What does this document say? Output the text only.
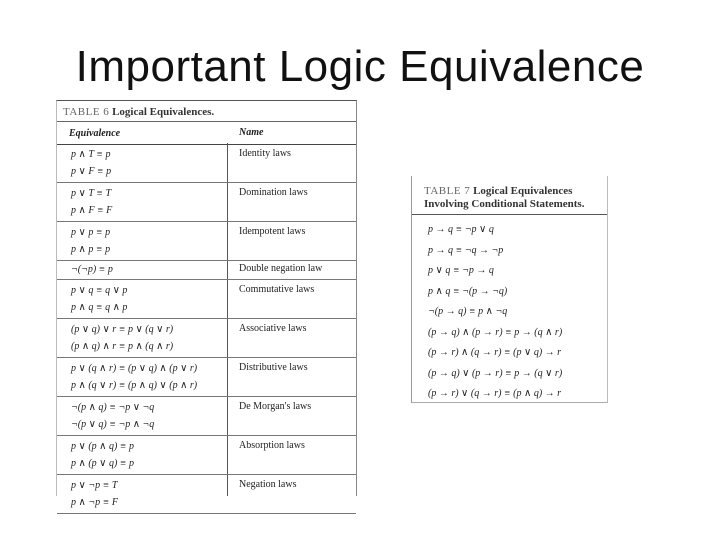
Important Logic Equivalence
TABLE 6 Logical Equivalences.
Equivalence	Name
p ∧ T ≡ p
p ∨ F ≡ p
Identity laws
p ∨ T ≡ T
p ∧ F ≡ F
Domination laws
p ∨ p ≡ p
p ∧ p ≡ p
Idempotent laws
¬(¬p) ≡ p	Double negation law
p ∨ q ≡ q ∨ p
p ∧ q ≡ q ∧ p
Commutative laws
(p ∨ q) ∨ r ≡ p ∨ (q ∨ r)
(p ∧ q) ∧ r ≡ p ∧ (q ∧ r)
Associative laws
p ∨ (q ∧ r) ≡ (p ∨ q) ∧ (p ∨ r)
p ∧ (q ∨ r) ≡ (p ∧ q) ∨ (p ∧ r)
Distributive laws
¬(p ∧ q) ≡ ¬p ∨ ¬q
¬(p ∨ q) ≡ ¬p ∧ ¬q
De Morgan's laws
p ∨ (p ∧ q) ≡ p
p ∧ (p ∨ q) ≡ p
Absorption laws
p ∨ ¬p ≡ T
p ∧ ¬p ≡ F
Negation laws
TABLE 7 Logical Equivalences
Involving Conditional Statements.
p → q ≡ ¬p ∨ q
p → q ≡ ¬q → ¬p
p ∨ q ≡ ¬p → q
p ∧ q ≡ ¬(p → ¬q)
¬(p → q) ≡ p ∧ ¬q
(p → q) ∧ (p → r) ≡ p → (q ∧ r)
(p → r) ∧ (q → r) ≡ (p ∨ q) → r
(p → q) ∨ (p → r) ≡ p → (q ∨ r)
(p → r) ∨ (q → r) ≡ (p ∧ q) → r
